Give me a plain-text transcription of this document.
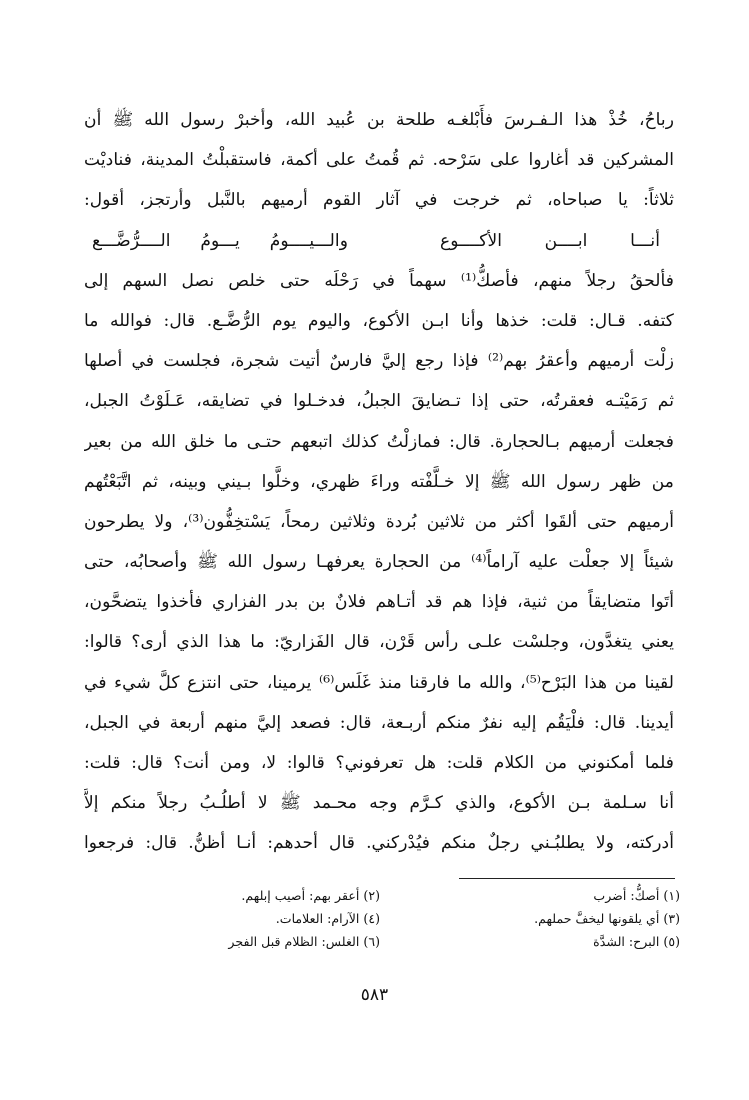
رباحُ، خُذْ هذا الـفـرسَ فأَبْلغـه طلحة بن عُبيد الله، وأخبرْ رسول الله ﷺ أن
المشركين قد أغاروا على سَرْحه. ثم قُمتُ على أكمة، فاستقبلْتُ المدينة، فناديْت
ثلاثاً: يا صباحاه، ثم خرجت في آثار القوم أرميهم بالنَّبل وأرتجز، أقول:
أنـــا ابــــن الأكــــوع
والـــيــــومُ يـــومُ الــــرُّضَّـــع
فألحقُ رجلاً منهم، فأصكُّ⁽¹⁾ سهماً في رَحْلَه حتى خلص نصل السهم إلى
كتفه. قـال: قلت: خذها وأنا ابـن الأكوع، واليوم يوم الرُّضَّـع. قال: فوالله ما
زلْت أرميهم وأعقرُ بهم⁽²⁾ فإذا رجع إليَّ فارسٌ أتيت شجرة، فجلست في أصلها
ثم رَمَيْتـه فعقرتُه، حتى إذا تـضايقَ الجبلُ، فدخـلوا في تضايقه، عَـلَوْتُ الجبل،
فجعلت أرميهم بـالحجارة. قال: فمازلْتُ كذلك اتبعهم حتـى ما خلق الله من بعير
من ظهر رسول الله ﷺ إلا خـلَّفْته وراءَ ظهري، وخلَّوا بـيني وبينه، ثم اتَّبَعْتُهم
أرميهم حتى ألقَوا أكثر من ثلاثين بُردة وثلاثين رمحاً، يَسْتخِفُّون⁽³⁾، ولا يطرحون
شيئاً إلا جعلْت عليه آراماً⁽⁴⁾ من الحجارة يعرفهـا رسول الله ﷺ وأصحابُه، حتى
أتَوا متضايقاً من ثنية، فإذا هم قد أتـاهم فلانٌ بن بدر الفزاري فأخذوا يتضحَّون،
يعني يتغدَّون، وجلسْت علـى رأس قَرْن، قال الفَزاريّ: ما هذا الذي أرى؟ قالوا:
لقينا من هذا البَرْح⁽⁵⁾، والله ما فارقنا منذ غَلَس⁽⁶⁾ يرمينا، حتى انتزع كلَّ شيء في
أيدينا. قال: فلْيَقُم إليه نفرٌ منكم أربـعة، قال: فصعد إليَّ منهم أربعة في الجبل،
فلما أمكنوني من الكلام قلت: هل تعرفوني؟ قالوا: لا، ومن أنت؟ قال: قلت:
أنا سـلمة بـن الأكوع، والذي كـرَّم وجه محـمد ﷺ لا أطلُـبُ رجلاً منكم إلاَّ
أدركته، ولا يطلبُـني رجلٌ منكم فيُدْركني. قال أحدهم: أنـا أظنُّ. قال: فرجعوا
(١) أصكُّ: أضرب
(٢) أعقر بهم: أصيب إبلهم.
(٣) أي يلقونها ليخفَّ حملهم.
(٤) الآرام: العلامات.
(٥) البرح: الشدَّة
(٦) الغلس: الظلام قبل الفجر
٥٨٣
